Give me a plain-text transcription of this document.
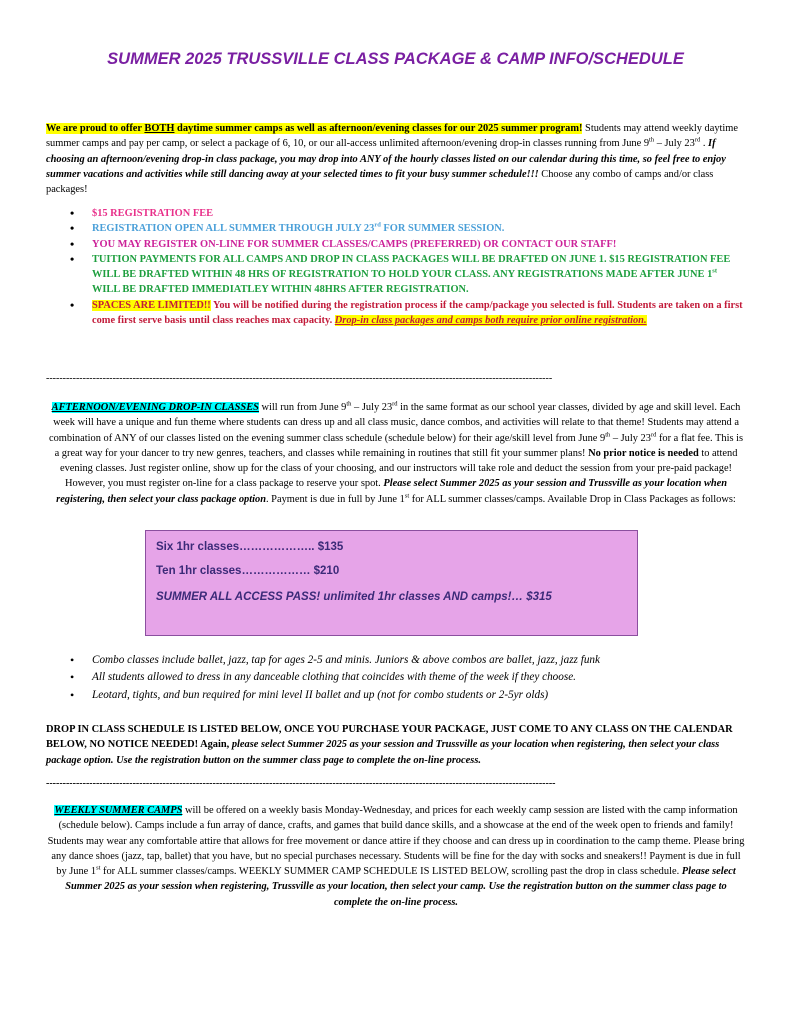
SUMMER 2025 TRUSSVILLE CLASS PACKAGE & CAMP INFO/SCHEDULE
We are proud to offer BOTH daytime summer camps as well as afternoon/evening classes for our 2025 summer program! Students may attend weekly daytime summer camps and pay per camp, or select a package of 6, 10, or our all-access unlimited afternoon/evening drop-in classes running from June 9th – July 23rd . If choosing an afternoon/evening drop-in class package, you may drop into ANY of the hourly classes listed on our calendar during this time, so feel free to enjoy summer vacations and activities while still dancing away at your selected times to fit your busy summer schedule!!! Choose any combo of camps and/or class packages!
• $15 REGISTRATION FEE
• REGISTRATION OPEN ALL SUMMER THROUGH JULY 23rd FOR SUMMER SESSION.
• YOU MAY REGISTER ON-LINE FOR SUMMER CLASSES/CAMPS (PREFERRED) OR CONTACT OUR STAFF!
• TUITION PAYMENTS FOR ALL CAMPS AND DROP IN CLASS PACKAGES WILL BE DRAFTED ON JUNE 1. $15 REGISTRATION FEE WILL BE DRAFTED WITHIN 48 HRS OF REGISTRATION TO HOLD YOUR CLASS. ANY REGISTRATIONS MADE AFTER JUNE 1st WILL BE DRAFTED IMMEDIATLEY WITHIN 48HRS AFTER REGISTRATION.
• SPACES ARE LIMITED!! You will be notified during the registration process if the camp/package you selected is full. Students are taken on a first come first serve basis until class reaches max capacity. Drop-in class packages and camps both require prior online registration.
--------------------------------------------------------------------------------------------------------------------------------------------------------
AFTERNOON/EVENING DROP-IN CLASSES will run from June 9th – July 23rd in the same format as our school year classes, divided by age and skill level. Each week will have a unique and fun theme where students can dress up and all class music, dance combos, and activities will relate to that theme! Students may attend a combination of ANY of our classes listed on the evening summer class schedule (schedule below) for their age/skill level from June 9th – July 23rd for a flat fee. This is a great way for your dancer to try new genres, teachers, and classes while remaining in routines that still fit your summer plans! No prior notice is needed to attend evening classes. Just register online, show up for the class of your choosing, and our instructors will take role and deduct the session from your pre-paid package! However, you must register on-line for a class package to reserve your spot. Please select Summer 2025 as your session and Trussville as your location when registering, then select your class package option. Payment is due in full by June 1st for ALL summer classes/camps. Available Drop in Class Packages as follows:
Six 1hr classes……………….. $135
Ten 1hr classes……………… $210
SUMMER ALL ACCESS PASS! unlimited 1hr classes AND camps!… $315
• Combo classes include ballet, jazz, tap for ages 2-5 and minis. Juniors & above combos are ballet, jazz, jazz funk
• All students allowed to dress in any danceable clothing that coincides with theme of the week if they choose.
• Leotard, tights, and bun required for mini level II ballet and up (not for combo students or 2-5yr olds)
DROP IN CLASS SCHEDULE IS LISTED BELOW, ONCE YOU PURCHASE YOUR PACKAGE, JUST COME TO ANY CLASS ON THE CALENDAR BELOW, NO NOTICE NEEDED! Again, please select Summer 2025 as your session and Trussville as your location when registering, then select your class package option. Use the registration button on the summer class page to complete the on-line process.
---------------------------------------------------------------------------------------------------------------------------------------------------------
WEEKLY SUMMER CAMPS will be offered on a weekly basis Monday-Wednesday, and prices for each weekly camp session are listed with the camp information (schedule below). Camps include a fun array of dance, crafts, and games that build dance skills, and a showcase at the end of the week open to friends and family! Students may wear any comfortable attire that allows for free movement or dance attire if they choose and can dress up in coordination to the camp theme. Please bring any dance shoes (jazz, tap, ballet) that you have, but no special purchases necessary. Students will be fine for the day with socks and sneakers!! Payment is due in full by June 1st for ALL summer classes/camps. WEEKLY SUMMER CAMP SCHEDULE IS LISTED BELOW, scrolling past the drop in class schedule. Please select Summer 2025 as your session when registering, Trussville as your location, then select your camp. Use the registration button on the summer class page to complete the on-line process.
